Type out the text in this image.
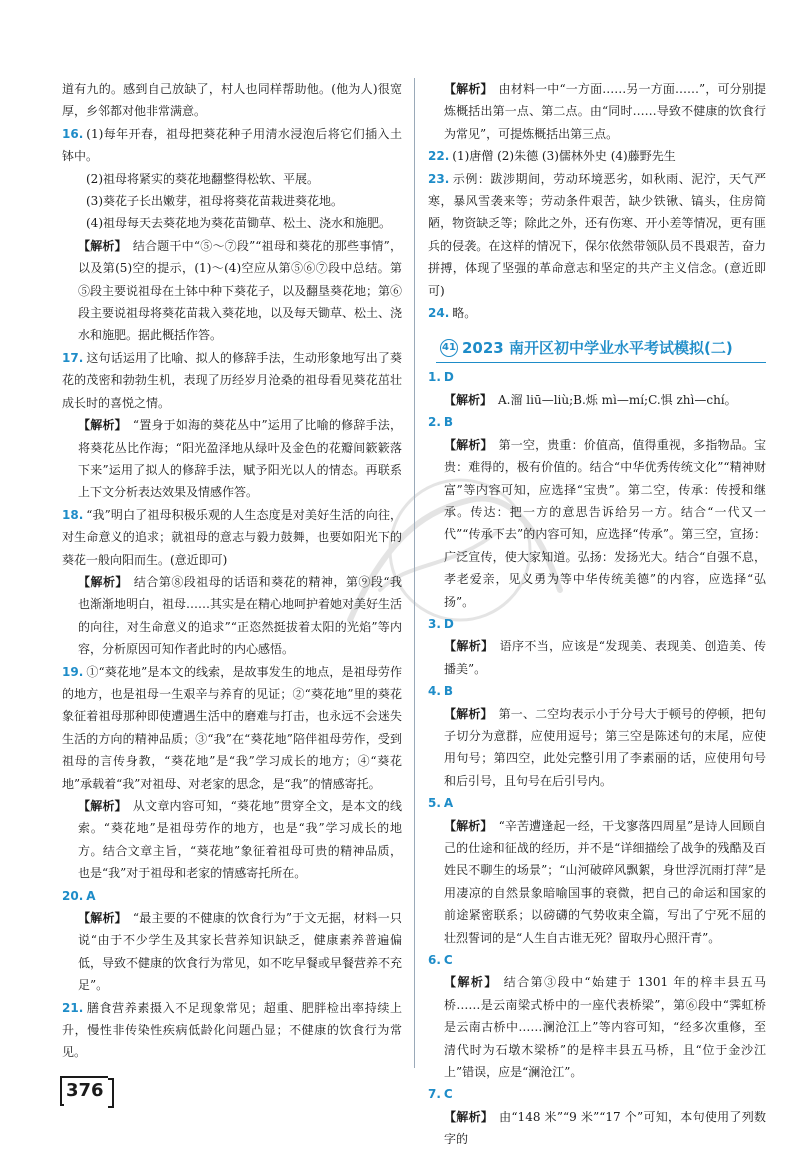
道有九的。感到自己放缺了，村人也同样帮助他。(他为人)很宽厚，乡邻都对他非常满意。

16. (1)每年开春，祖母把葵花种子用清水浸泡后将它们插入土钵中。

(2)祖母将紧实的葵花地翻整得松软、平展。

(3)葵花子长出嫩芽，祖母将葵花苗栽进葵花地。

(4)祖母每天去葵花地为葵花苗锄草、松土、浇水和施肥。

【解析】 结合题干中“⑤～⑦段”“祖母和葵花的那些事情”，以及第(5)空的提示，(1)～(4)空应从第⑤⑥⑦段中总结。第⑤段主要说祖母在土钵中种下葵花子，以及翻垦葵花地；第⑥段主要说祖母将葵花苗栽入葵花地，以及每天锄草、松土、浇水和施肥。据此概括作答。

17. 这句话运用了比喻、拟人的修辞手法，生动形象地写出了葵花的茂密和勃勃生机，表现了历经岁月沧桑的祖母看见葵花茁壮成长时的喜悦之情。

【解析】 “置身于如海的葵花丛中”运用了比喻的修辞手法，将葵花丛比作海；“阳光盈泽地从绿叶及金色的花瓣间簌簌落下来”运用了拟人的修辞手法，赋予阳光以人的情态。再联系上下文分析表达效果及情感作答。

18. “我”明白了祖母积极乐观的人生态度是对美好生活的向往，对生命意义的追求；就祖母的意志与毅力鼓舞，也要如阳光下的葵花一般向阳而生。(意近即可)

【解析】 结合第⑧段祖母的话语和葵花的精神，第⑨段“我也渐渐地明白，祖母……其实是在精心地呵护着她对美好生活的向往，对生命意义的追求”“正恣然挺拔着太阳的光焰”等内容，分析原因可知作者此时的内心感悟。

19. ①“葵花地”是本文的线索，是故事发生的地点，是祖母劳作的地方，也是祖母一生艰辛与养育的见证；②“葵花地”里的葵花象征着祖母那种即使遭遇生活中的磨难与打击，也永远不会迷失生活的方向的精神品质；③“我”在“葵花地”陪伴祖母劳作，受到祖母的言传身教，“葵花地”是“我”学习成长的地方；④“葵花地”承载着“我”对祖母、对老家的思念，是“我”的情感寄托。

【解析】 从文章内容可知，“葵花地”贯穿全文，是本文的线索。“葵花地”是祖母劳作的地方，也是“我”学习成长的地方。结合文章主旨，“葵花地”象征着祖母可贵的精神品质，也是“我”对于祖母和老家的情感寄托所在。

20. A

【解析】 “最主要的不健康的饮食行为”于文无据，材料一只说“由于不少学生及其家长营养知识缺乏，健康素养普遍偏低，导致不健康的饮食行为常见，如不吃早餐或早餐营养不充足”。

21. 膳食营养素摄入不足现象常见；超重、肥胖检出率持续上升，慢性非传染性疾病低龄化问题凸显；不健康的饮食行为常见。

【解析】 由材料一中“一方面……另一方面……”，可分别提炼概括出第一点、第二点。由“同时……导致不健康的饮食行为常见”，可提炼概括出第三点。

22. (1)唐僧 (2)朱德 (3)儒林外史 (4)藤野先生

23. 示例：跋涉期间，劳动环境恶劣，如秋雨、泥泞，天气严寒，暴风雪袭来等；劳动条件艰苦，缺少铁锹、镐头，住房简陋，物资缺乏等；除此之外，还有伤寒、开小差等情况，更有匪兵的侵袭。在这样的情况下，保尔依然带领队员不畏艰苦，奋力拼搏，体现了坚强的革命意志和坚定的共产主义信念。(意近即可)

24. 略。

41 2023 南开区初中学业水平考试模拟(二)

1. D

【解析】 A.溜 liū—liù;B.烁 mì—mí;C.惧 zhì—chí。

2. B

【解析】 第一空，贵重：价值高，值得重视，多指物品。宝贵：难得的，极有价值的。结合“中华优秀传统文化”“精神财富”等内容可知，应选择“宝贵”。第二空，传承：传授和继承。传达：把一方的意思告诉给另一方。结合“一代又一代”“传承下去”的内容可知，应选择“传承”。第三空，宣扬：广泛宣传，使大家知道。弘扬：发扬光大。结合“自强不息，孝老爱亲，见义勇为等中华传统美德”的内容，应选择“弘扬”。

3. D

【解析】 语序不当，应该是“发现美、表现美、创造美、传播美”。

4. B

【解析】 第一、二空均表示小于分号大于顿号的停顿，把句子切分为意群，应使用逗号；第三空是陈述句的末尾，应使用句号；第四空，此处完整引用了李素丽的话，应使用句号和后引号，且句号在后引号内。

5. A

【解析】 “辛苦遭逢起一经，干戈寥落四周星”是诗人回顾自己的仕途和征战的经历，并不是“详细描绘了战争的残酷及百姓民不聊生的场景”；“山河破碎风飘絮，身世浮沉雨打萍”是用凄凉的自然景象暗喻国事的衰微，把自己的命运和国家的前途紧密联系；以磅礴的气势收束全篇，写出了宁死不屈的壮烈誓词的是“人生自古谁无死？留取丹心照汗青”。

6. C

【解析】 结合第③段中“始建于 1301 年的梓丰县五马桥……是云南梁式桥中的一座代表桥梁”，第⑥段中“霁虹桥是云南古桥中……澜沧江上”等内容可知，“经多次重修，至清代时为石墩木梁桥”的是梓丰县五马桥，且“位于金沙江上”错误，应是“澜沧江”。

7. C

【解析】 由“148 米”“9 米”“17 个”可知，本句使用了列数字的

376
